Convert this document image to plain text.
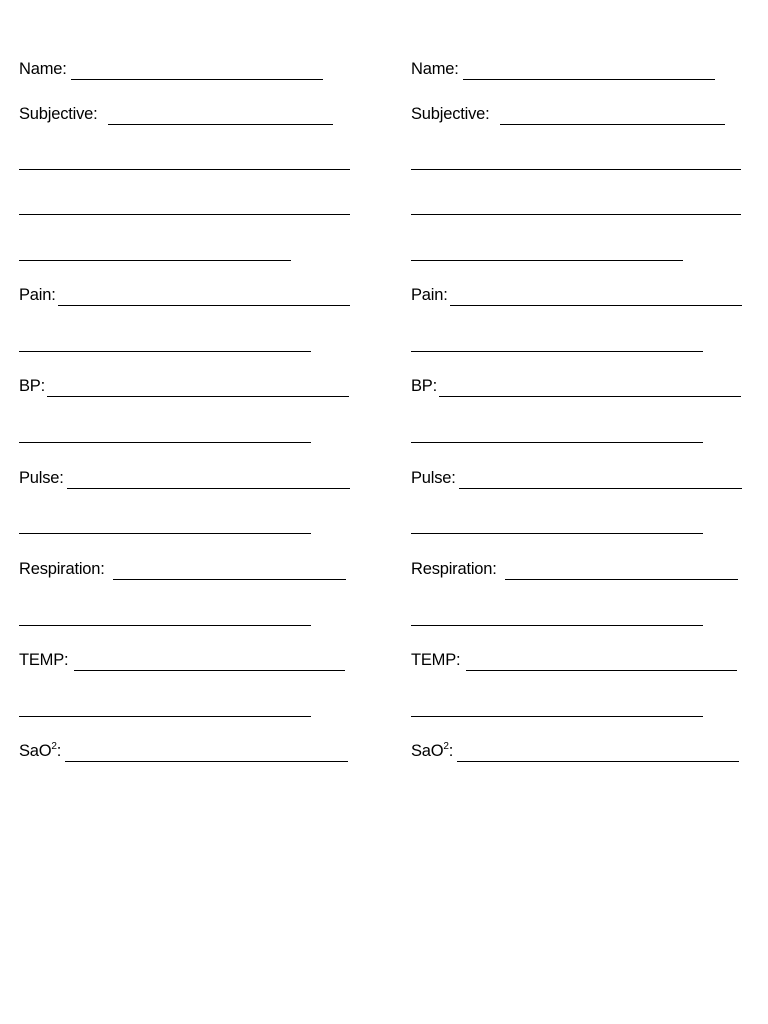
Name:
Subjective:
Pain:
BP:
Pulse:
Respiration:
TEMP:
SaO$^2$:
Name:
Subjective:
Pain:
BP:
Pulse:
Respiration:
TEMP:
SaO$^2$:
